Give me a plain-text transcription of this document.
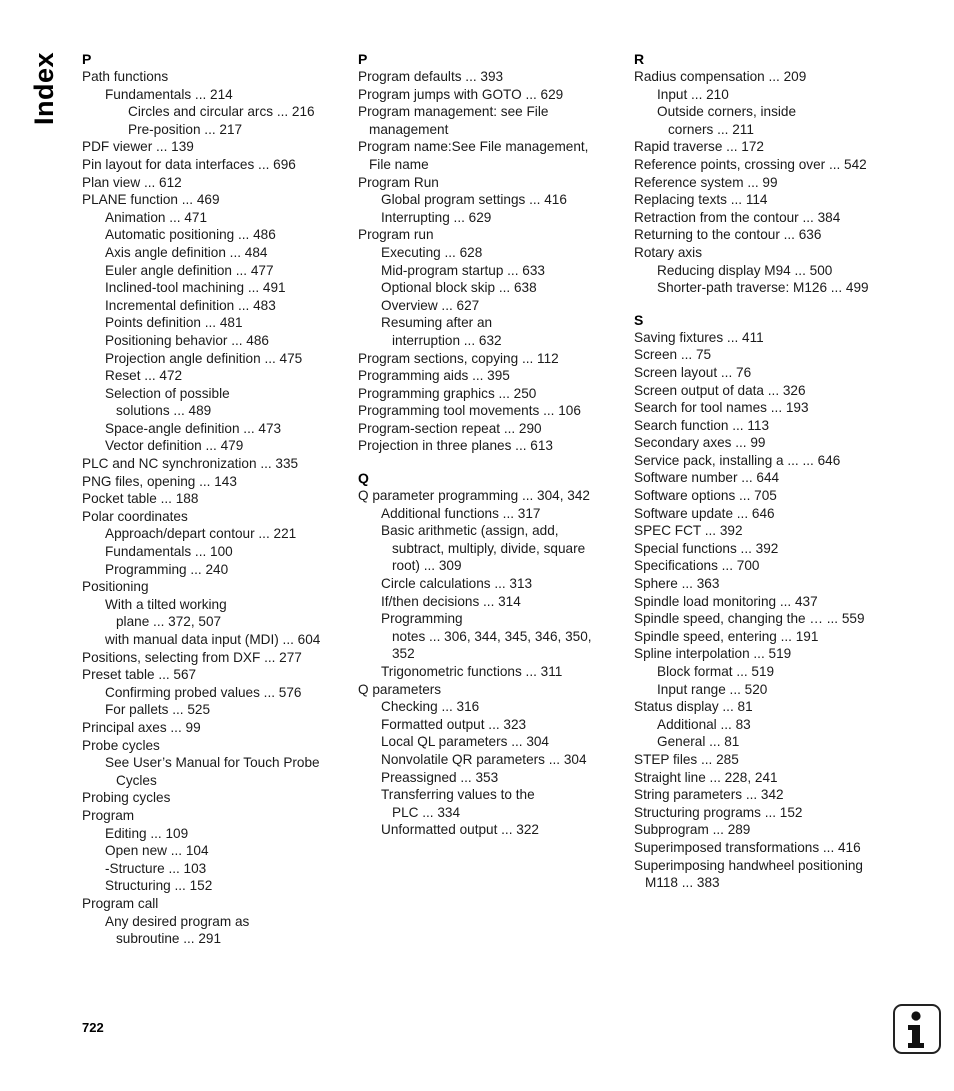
Index P
Path functions
Fundamentals ... 214
Circles and circular arcs ... 216
Pre-position ... 217
PDF viewer ... 139
Pin layout for data interfaces ... 696
Plan view ... 612
PLANE function ... 469
Animation ... 471
Automatic positioning ... 486
Axis angle definition ... 484
Euler angle definition ... 477
Inclined-tool machining ... 491
Incremental definition ... 483
Points definition ... 481
Positioning behavior ... 486
Projection angle definition ... 475
Reset ... 472
Selection of possible
solutions ... 489
Space-angle definition ... 473
Vector definition ... 479
PLC and NC synchronization ... 335
PNG files, opening ... 143
Pocket table ... 188
Polar coordinates
Approach/depart contour ... 221
Fundamentals ... 100
Programming ... 240
Positioning
With a tilted working
plane ... 372, 507
with manual data input (MDI) ... 604
Positions, selecting from DXF ... 277
Preset table ... 567
Confirming probed values ... 576
For pallets ... 525
Principal axes ... 99
Probe cycles
See User’s Manual for Touch Probe
Cycles
Probing cycles
Program
Editing ... 109
Open new ... 104
-Structure ... 103
Structuring ... 152
Program call
Any desired program as
subroutine ... 291
P
Program defaults ... 393
Program jumps with GOTO ... 629
Program management: see File
management
Program name:See File management,
File name
Program Run
Global program settings ... 416
Interrupting ... 629
Program run
Executing ... 628
Mid-program startup ... 633
Optional block skip ... 638
Overview ... 627
Resuming after an
interruption ... 632
Program sections, copying ... 112
Programming aids ... 395
Programming graphics ... 250
Programming tool movements ... 106
Program-section repeat ... 290
Projection in three planes ... 613
Q
Q parameter programming ... 304, 342
Additional functions ... 317
Basic arithmetic (assign, add,
subtract, multiply, divide, square
root) ... 309
Circle calculations ... 313
If/then decisions ... 314
Programming
notes ... 306, 344, 345, 346, 350,
352
Trigonometric functions ... 311
Q parameters
Checking ... 316
Formatted output ... 323
Local QL parameters ... 304
Nonvolatile QR parameters ... 304
Preassigned ... 353
Transferring values to the
PLC ... 334
Unformatted output ... 322
R
Radius compensation ... 209
Input ... 210
Outside corners, inside
corners ... 211
Rapid traverse ... 172
Reference points, crossing over ... 542
Reference system ... 99
Replacing texts ... 114
Retraction from the contour ... 384
Returning to the contour ... 636
Rotary axis
Reducing display M94 ... 500
Shorter-path traverse: M126 ... 499
S
Saving fixtures ... 411
Screen ... 75
Screen layout ... 76
Screen output of data ... 326
Search for tool names ... 193
Search function ... 113
Secondary axes ... 99
Service pack, installing a ... ... 646
Software number ... 644
Software options ... 705
Software update ... 646
SPEC FCT ... 392
Special functions ... 392
Specifications ... 700
Sphere ... 363
Spindle load monitoring ... 437
Spindle speed, changing the … ... 559
Spindle speed, entering ... 191
Spline interpolation ... 519
Block format ... 519
Input range ... 520
Status display ... 81
Additional ... 83
General ... 81
STEP files ... 285
Straight line ... 228, 241
String parameters ... 342
Structuring programs ... 152
Subprogram ... 289
Superimposed transformations ... 416
Superimposing handwheel positioning
M118 ... 383
722
